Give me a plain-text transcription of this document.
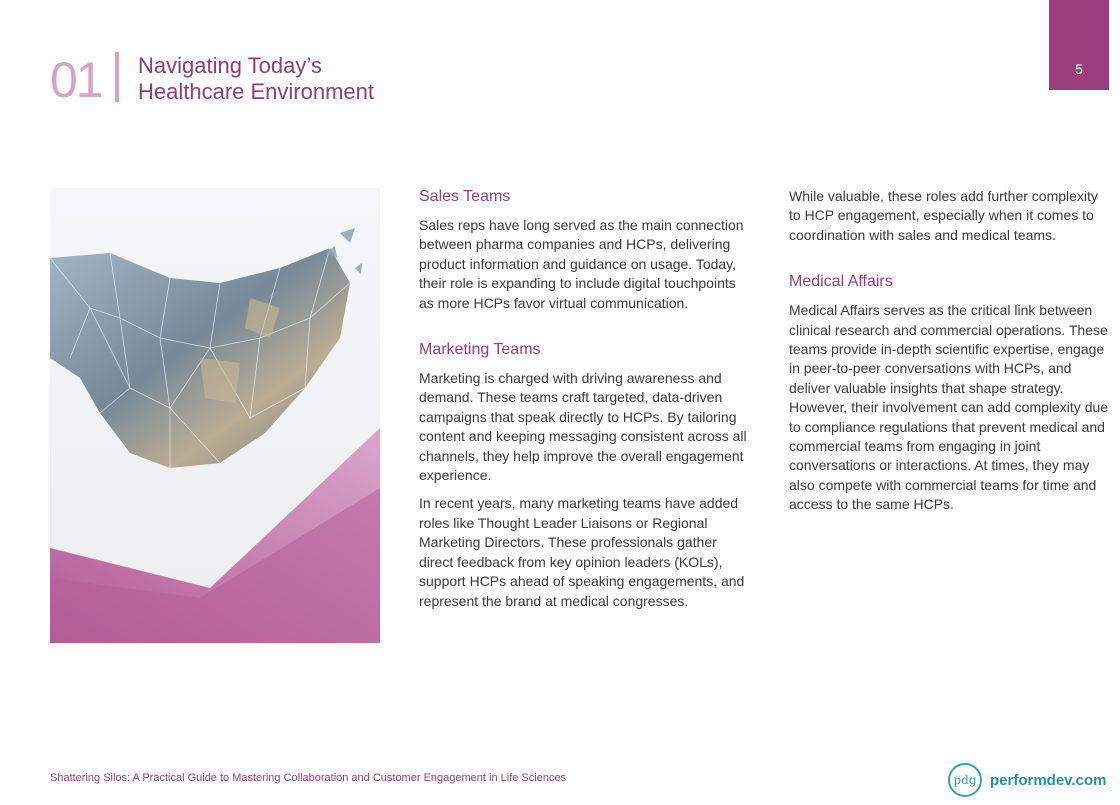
5
01 Navigating Today’s
Healthcare Environment
Sales Teams

Sales reps have long served as the main connection between pharma companies and HCPs, delivering product information and guidance on usage. Today, their role is expanding to include digital touchpoints as more HCPs favor virtual communication.

Marketing Teams

Marketing is charged with driving awareness and demand. These teams craft targeted, data-driven campaigns that speak directly to HCPs. By tailoring content and keeping messaging consistent across all channels, they help improve the overall engagement experience.

In recent years, many marketing teams have added roles like Thought Leader Liaisons or Regional Marketing Directors. These professionals gather direct feedback from key opinion leaders (KOLs), support HCPs ahead of speaking engagements, and represent the brand at medical congresses.

While valuable, these roles add further complexity to HCP engagement, especially when it comes to coordination with sales and medical teams.

Medical Affairs

Medical Affairs serves as the critical link between clinical research and commercial operations. These teams provide in-depth scientific expertise, engage in peer-to-peer conversations with HCPs, and deliver valuable insights that shape strategy. However, their involvement can add complexity due to compliance regulations that prevent medical and commercial teams from engaging in joint conversations or interactions. At times, they may also compete with commercial teams for time and access to the same HCPs.

Shattering Silos: A Practical Guide to Mastering Collaboration and Customer Engagement in Life Sciences	pdg performdev.com
